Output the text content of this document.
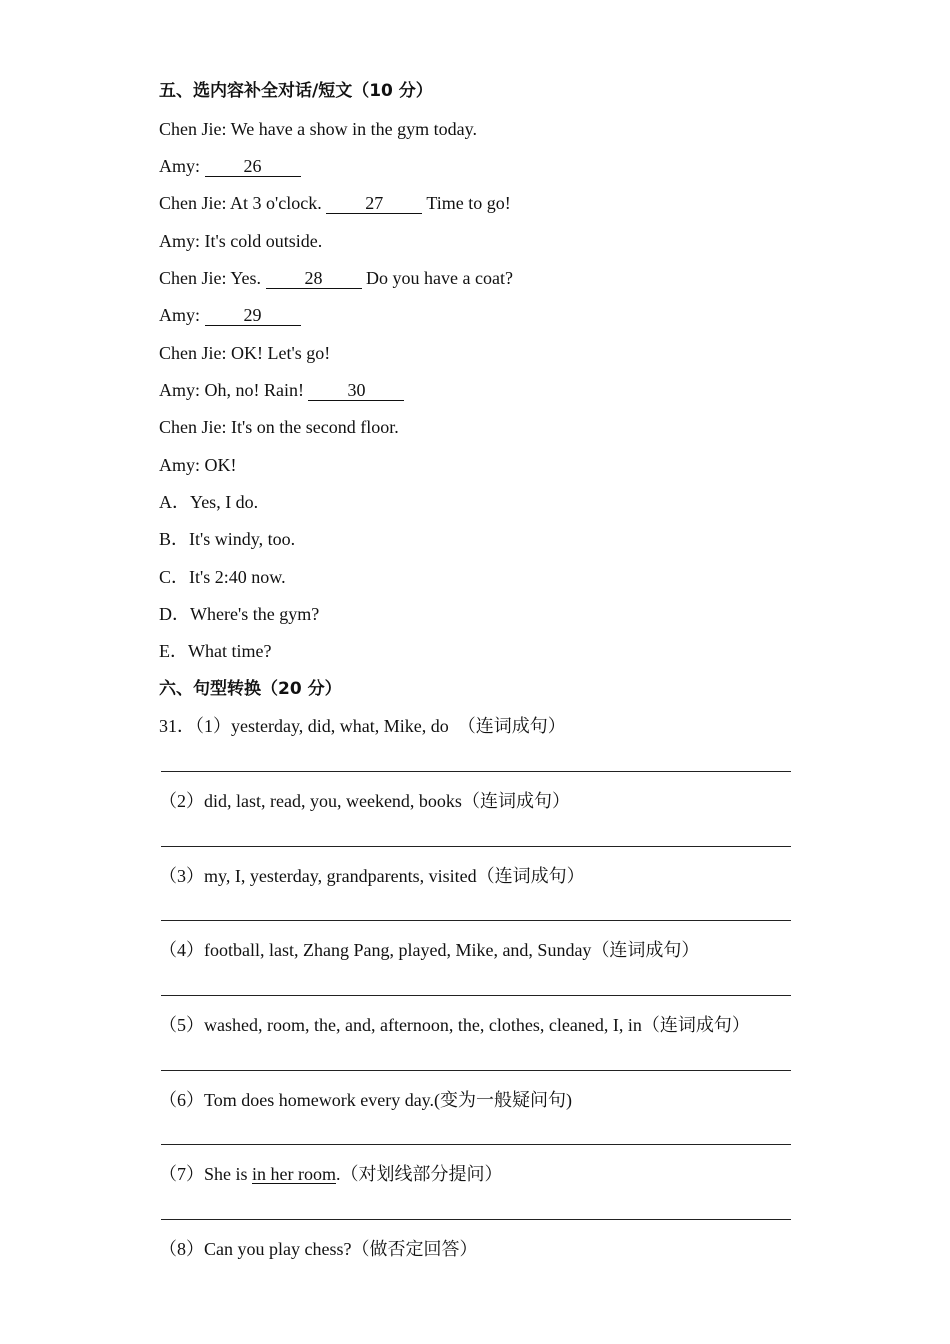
五、选内容补全对话/短文（10 分）
Chen Jie: We have a show in the gym today.
Amy: 26
Chen Jie: At 3 o'clock. 27 Time to go!
Amy: It's cold outside.
Chen Jie: Yes. 28 Do you have a coat?
Amy: 29
Chen Jie: OK! Let's go!
Amy: Oh, no! Rain! 30
Chen Jie: It's on the second floor.
Amy: OK!
A．Yes, I do.
B．It's windy, too.
C．It's 2:40 now.
D．Where's the gym?
E．What time?
六、句型转换（20 分）
31．（1）yesterday, did, what, Mike, do　（连词成句）
（2）did, last, read, you, weekend, books（连词成句）
（3）my, I, yesterday, grandparents, visited（连词成句）
（4）football, last, Zhang Pang, played, Mike, and, Sunday（连词成句）
（5）washed, room, the, and, afternoon, the, clothes, cleaned, I, in（连词成句）
（6）Tom does homework every day.(变为一般疑问句)
（7）She is in her room.（对划线部分提问）
（8）Can you play chess?（做否定回答）
